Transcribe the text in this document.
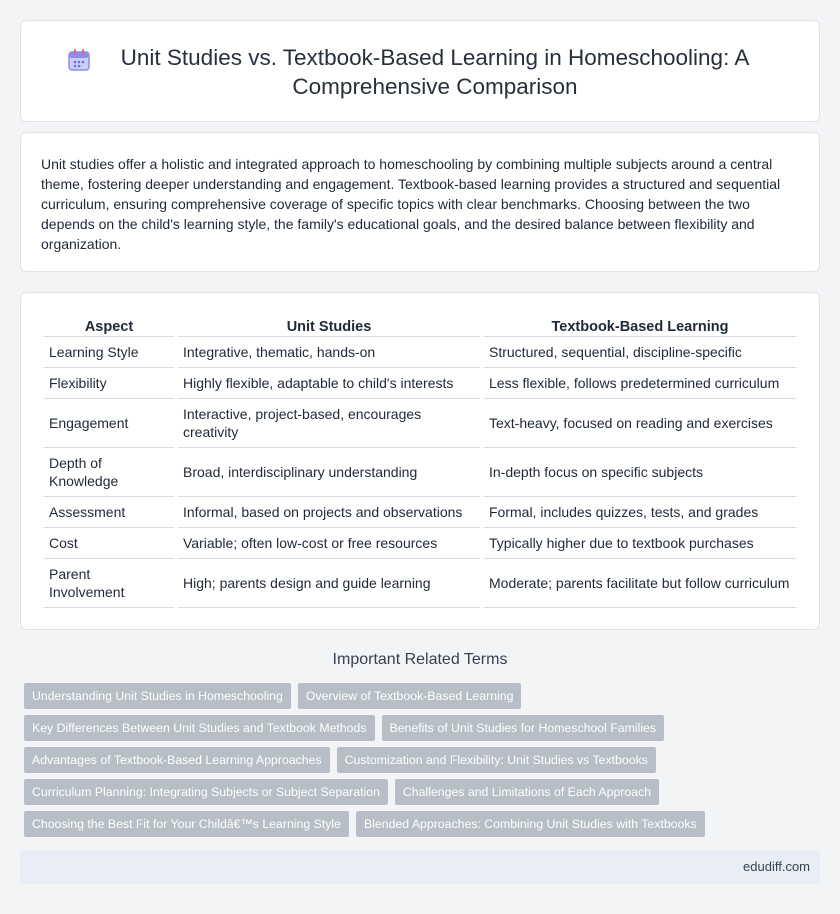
Unit Studies vs. Textbook-Based Learning in Homeschooling: A Comprehensive Comparison

Unit studies offer a holistic and integrated approach to homeschooling by combining multiple subjects around a central theme, fostering deeper understanding and engagement. Textbook-based learning provides a structured and sequential curriculum, ensuring comprehensive coverage of specific topics with clear benchmarks. Choosing between the two depends on the child's learning style, the family's educational goals, and the desired balance between flexibility and organization.

Aspect	Unit Studies	Textbook-Based Learning
Learning Style	Integrative, thematic, hands-on	Structured, sequential, discipline-specific
Flexibility	Highly flexible, adaptable to child's interests	Less flexible, follows predetermined curriculum
Engagement	Interactive, project-based, encourages creativity	Text-heavy, focused on reading and exercises
Depth of Knowledge	Broad, interdisciplinary understanding	In-depth focus on specific subjects
Assessment	Informal, based on projects and observations	Formal, includes quizzes, tests, and grades
Cost	Variable; often low-cost or free resources	Typically higher due to textbook purchases
Parent Involvement	High; parents design and guide learning	Moderate; parents facilitate but follow curriculum
Important Related Terms
Understanding Unit Studies in Homeschooling	Overview of Textbook-Based Learning
Key Differences Between Unit Studies and Textbook Methods	Benefits of Unit Studies for Homeschool Families
Advantages of Textbook-Based Learning Approaches	Customization and Flexibility: Unit Studies vs Textbooks
Curriculum Planning: Integrating Subjects or Subject Separation	Challenges and Limitations of Each Approach
Choosing the Best Fit for Your Childâ€™s Learning Style	Blended Approaches: Combining Unit Studies with Textbooks
edudiff.com
